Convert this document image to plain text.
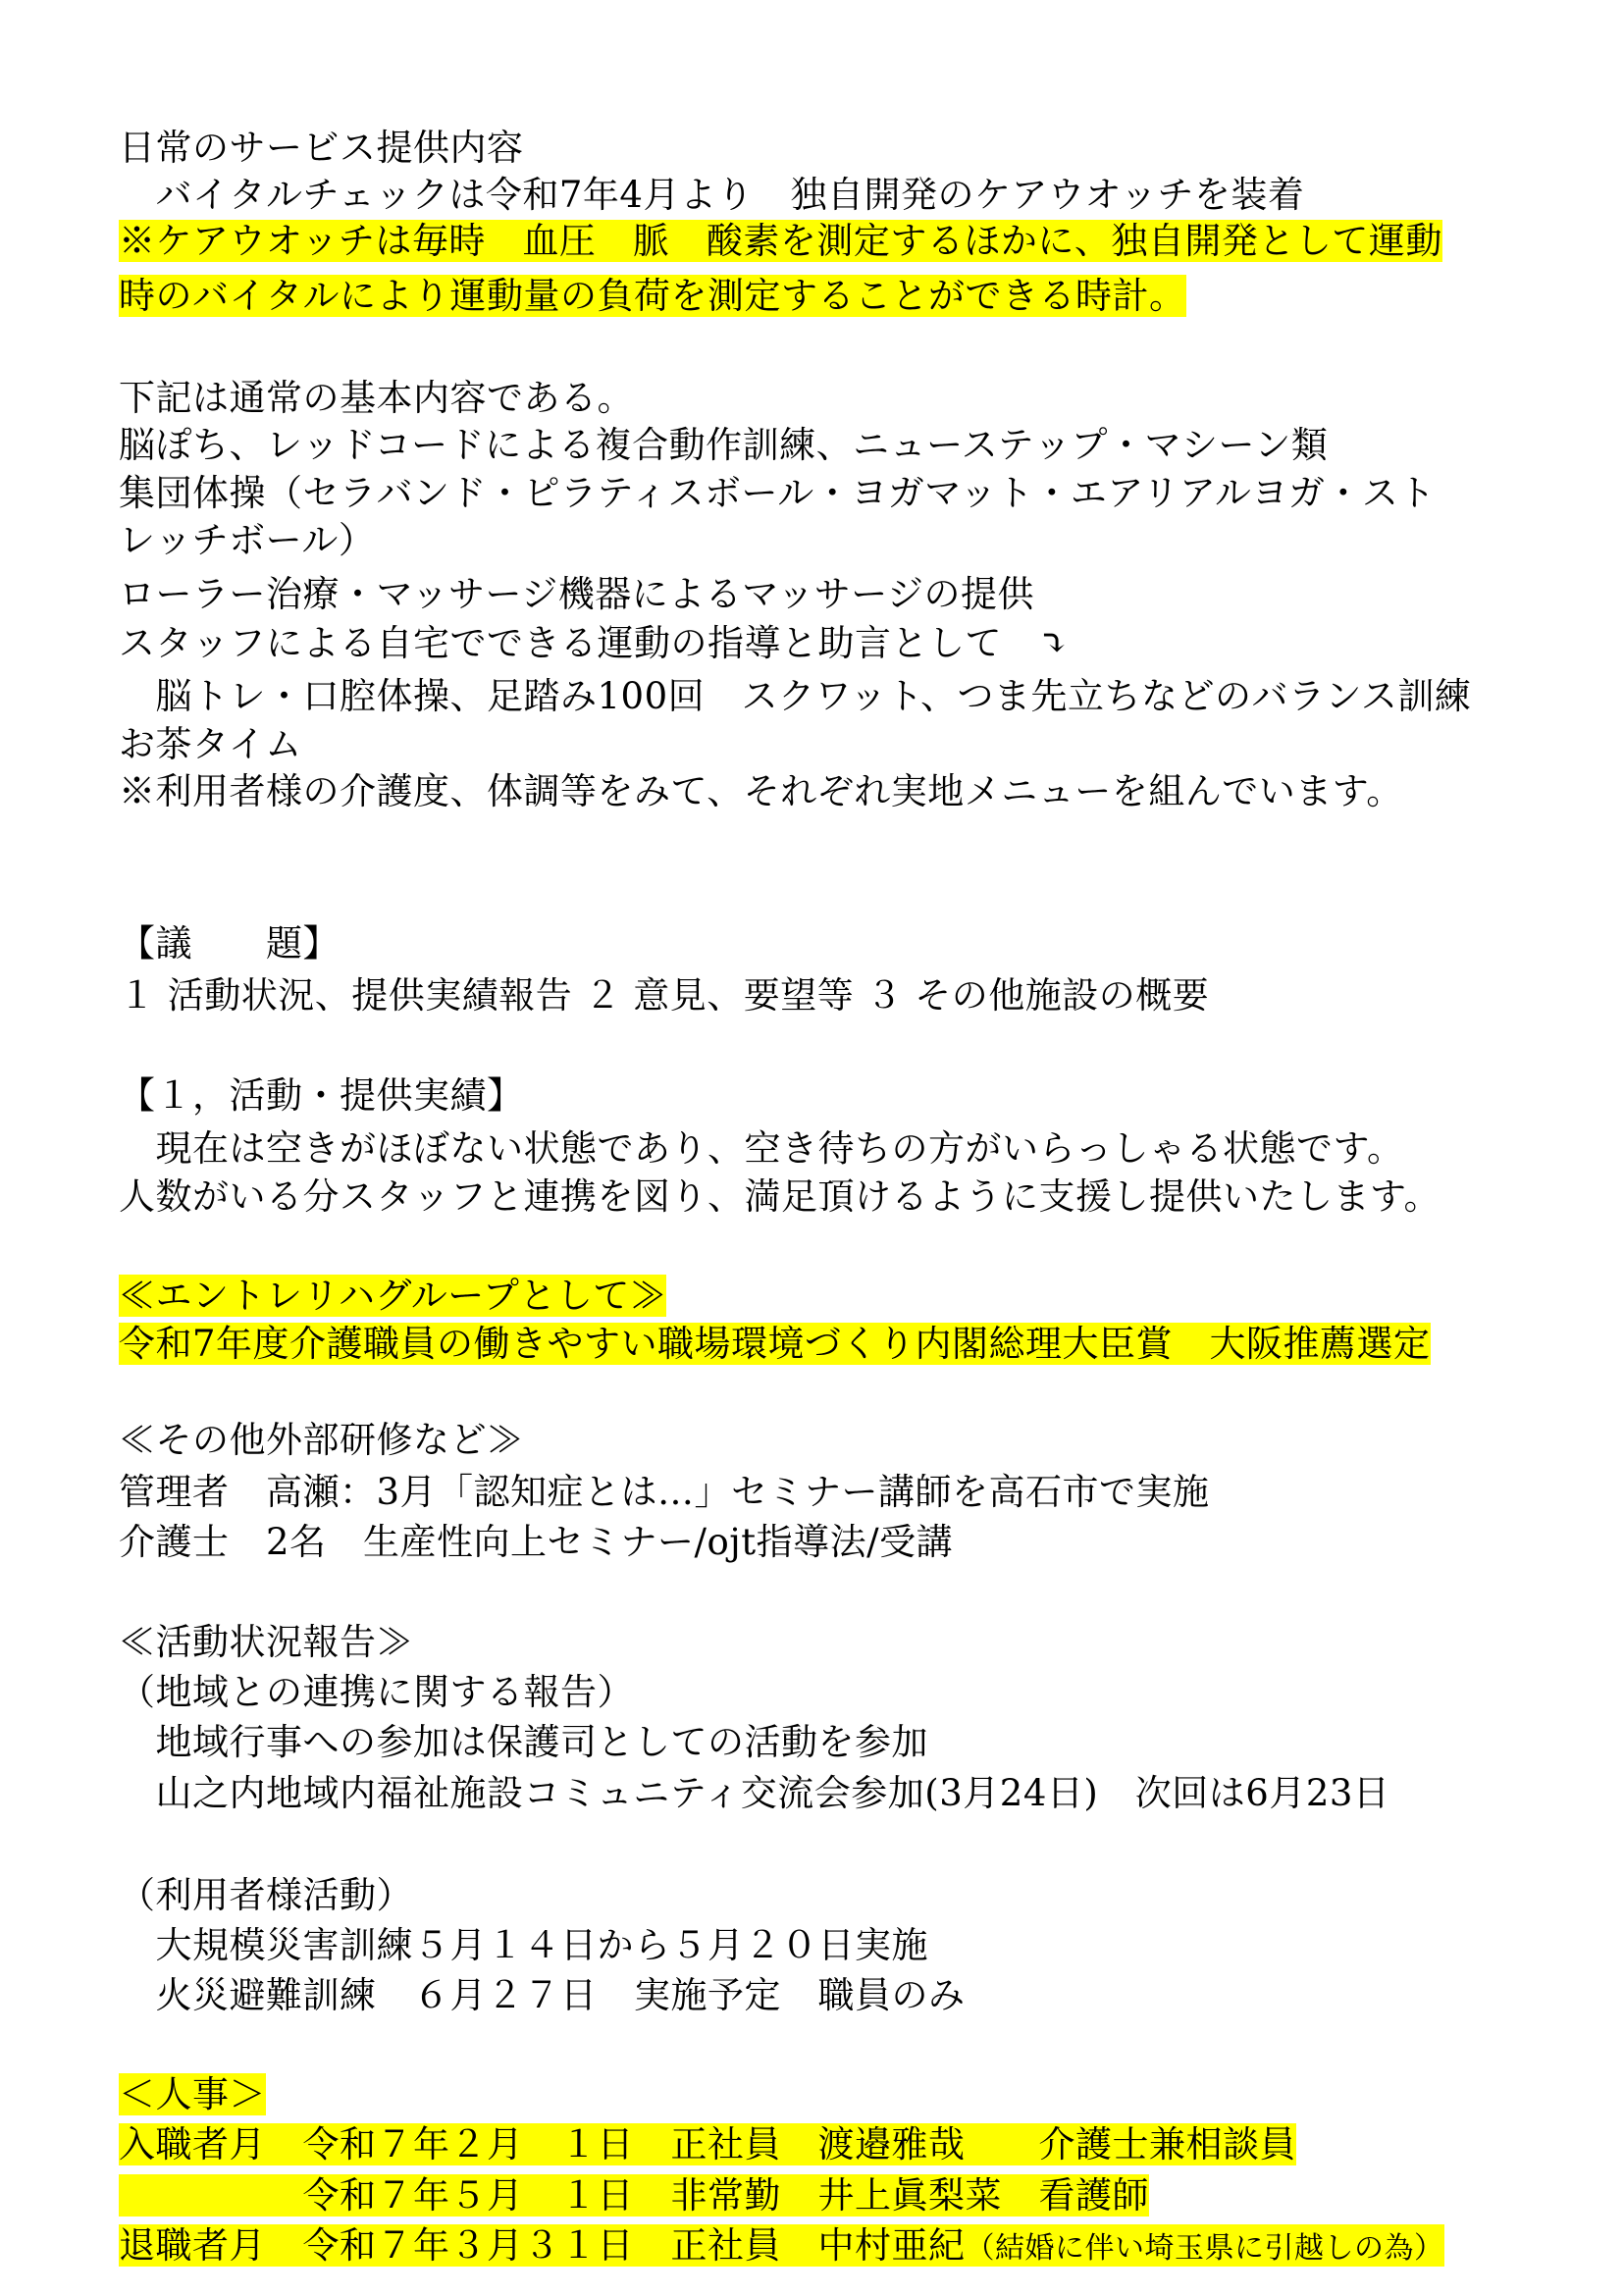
日常のサービス提供内容
　バイタルチェックは令和7年4月より　独自開発のケアウオッチを装着
※ケアウオッチは毎時　血圧　脈　酸素を測定するほかに、独自開発として運動
時のバイタルにより運動量の負荷を測定することができる時計。
下記は通常の基本内容である。
脳ぽち、レッドコードによる複合動作訓練、ニューステップ・マシーン類
集団体操（セラバンド・ピラティスボール・ヨガマット・エアリアルヨガ・スト
レッチボール）
ローラー治療・マッサージ機器によるマッサージの提供
スタッフによる自宅でできる運動の指導と助言として　⤵
　脳トレ・口腔体操、足踏み100回　スクワット、つま先立ちなどのバランス訓練
お茶タイム
※利用者様の介護度、体調等をみて、それぞれ実地メニューを組んでいます。
【議　　題】
１ 活動状況、提供実績報告 ２ 意見、要望等 ３ その他施設の概要
【１，活動・提供実績】
　現在は空きがほぼない状態であり、空き待ちの方がいらっしゃる状態です。
人数がいる分スタッフと連携を図り、満足頂けるように支援し提供いたします。
≪エントレリハグループとして≫
令和7年度介護職員の働きやすい職場環境づくり内閣総理大臣賞　大阪推薦選定
≪その他外部研修など≫
管理者　高瀬：3月「認知症とは…」セミナー講師を高石市で実施
介護士　2名　生産性向上セミナー/ojt指導法/受講
≪活動状況報告≫
（地域との連携に関する報告）
　地域行事への参加は保護司としての活動を参加
　山之内地域内福祉施設コミュニティ交流会参加(3月24日)　次回は6月23日
（利用者様活動）
　大規模災害訓練５月１４日から５月２０日実施
　火災避難訓練　６月２７日　実施予定　職員のみ
＜人事＞
入職者月　令和７年２月　１日　正社員　渡邉雅哉　　介護士兼相談員
　　　　　令和７年５月　１日　非常勤　井上眞梨菜　看護師
退職者月　令和７年３月３１日　正社員　中村亜紀（結婚に伴い埼玉県に引越しの為）
